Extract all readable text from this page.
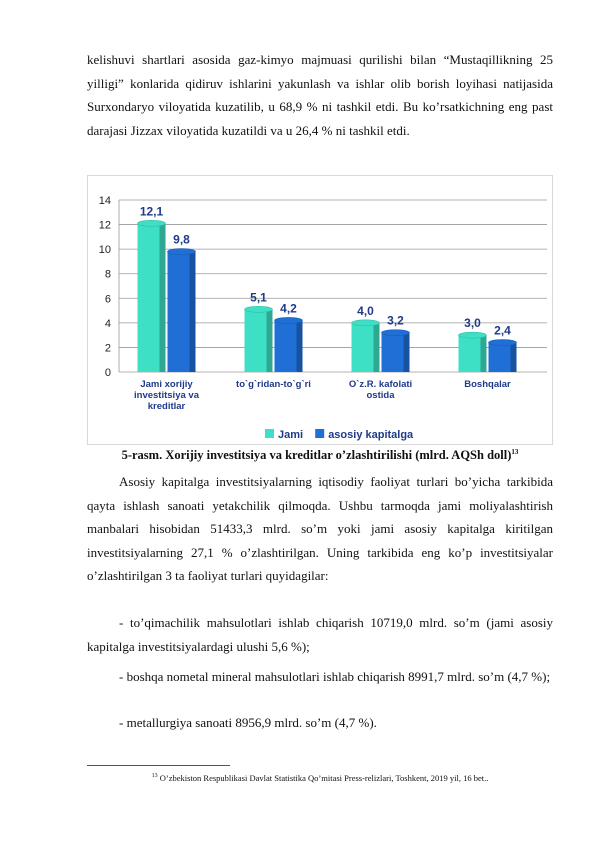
kelishuvi shartlari asosida gaz-kimyo majmuasi qurilishi bilan “Mustaqillikning 25 yilligi” konlarida qidiruv ishlarini yakunlash va ishlar olib borish loyihasi natijasida Surxondaryo viloyatida kuzatilib, u 68,9 % ni tashkil etdi. Bu ko’rsatkichning eng past darajasi Jizzax viloyatida kuzatildi va u 26,4 % ni tashkil etdi.
0
2
4
6
8
10
12
14
12,1
9,8
Jami xorijiy
investitsiya va
kreditlar
5,1
4,2
to`g`ridan-to`g`ri
4,0
3,2
O`z.R. kafolati
ostida
3,0
2,4
Boshqalar
Jami asosiy kapitalga
5-rasm. Xorijiy investitsiya va kreditlar o’zlashtirilishi (mlrd. AQSh doll)$^{13}$
Asosiy kapitalga investitsiyalarning iqtisodiy faoliyat turlari bo’yicha tarkibida qayta ishlash sanoati yetakchilik qilmoqda. Ushbu tarmoqda jami moliyalashtirish manbalari hisobidan 51433,3 mlrd. so’m yoki jami asosiy kapitalga kiritilgan investitsiyalarning 27,1 % o’zlashtirilgan. Uning tarkibida eng ko’p investitsiyalar o’zlashtirilgan 3 ta faoliyat turlari quyidagilar:
- to’qimachilik mahsulotlari ishlab chiqarish 10719,0 mlrd. so’m (jami asosiy kapitalga investitsiyalardagi ulushi 5,6 %);
- boshqa nometal mineral mahsulotlari ishlab chiqarish 8991,7 mlrd. so’m (4,7 %);
- metallurgiya sanoati 8956,9 mlrd. so’m (4,7 %).
$^{13}$ O’zbekiston Respublikasi Davlat Statistika Qo’mitasi Press-relizlari, Toshkent, 2019 yil, 16 bet..
